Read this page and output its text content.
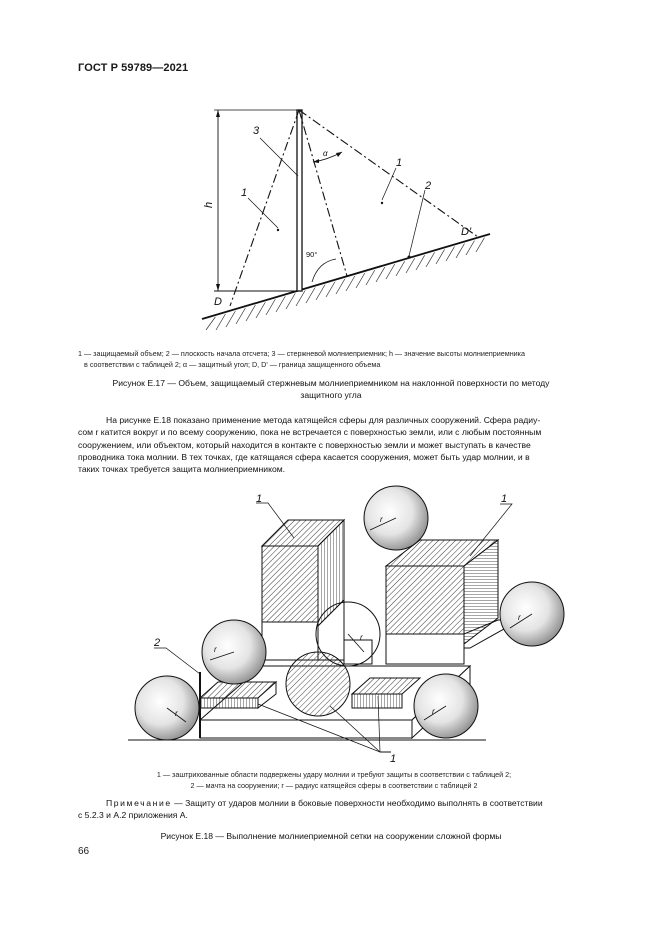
ГОСТ Р 59789—2021
3
1
1
2
h
α
90°
D
D'
1 — защищаемый объем; 2 — плоскость начала отсчета; 3 — стержневой молниеприемник; h — значение высоты молниеприемника
в соответствии с таблицей 2; α — защитный угол; D, D' — граница защищенного объема
Рисунок Е.17 — Объем, защищаемый стержневым молниеприемником на наклонной поверхности по методу
защитного угла
На рисунке Е.18 показано применение метода катящейся сферы для различных сооружений. Сфера радиу-
сом r катится вокруг и по всему сооружению, пока не встречается с поверхностью земли, или с любым постоянным
сооружением, или объектом, который находится в контакте с поверхностью земли и может выступать в качестве
проводника тока молнии. В тех точках, где катящаяся сфера касается сооружения, может быть удар молнии, и в
таких точках требуется защита молниеприемником.
r
r
r
r	r
r
1	1
2
1
1 — заштрихованные области подвержены удару молнии и требуют защиты в соответствии с таблицей 2;
2 — мачта на сооружении; r — радиус катящейся сферы в соответствии с таблицей 2
Примечание — Защиту от ударов молнии в боковые поверхности необходимо выполнять в соответствии
с 5.2.3 и А.2 приложения А.
Рисунок Е.18 — Выполнение молниеприемной сетки на сооружении сложной формы
66
